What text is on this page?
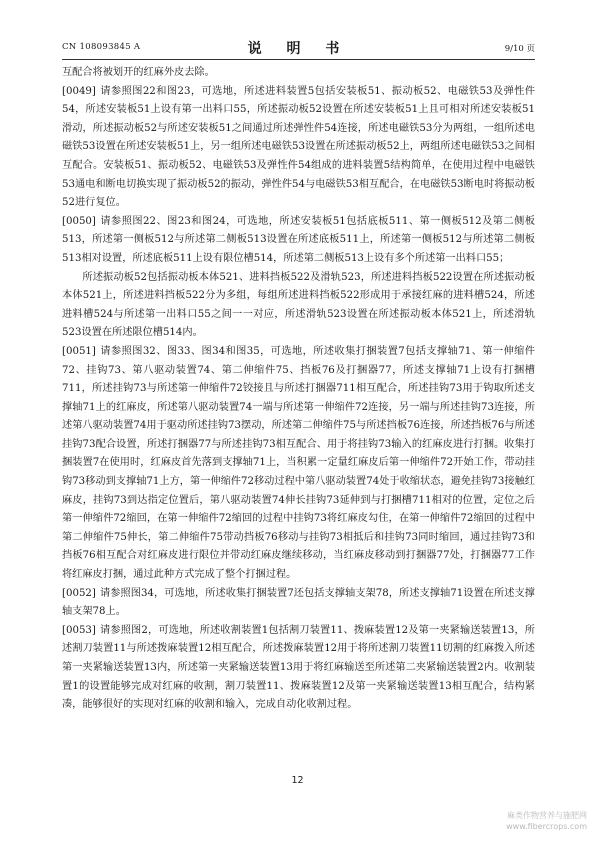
CN 108093845 A	说 明 书	9/10 页

互配合将被划开的红麻外皮去除。

[0049] 请参照图22和图23，可选地，所述进料装置5包括安装板51、振动板52、电磁铁53及弹性件54，所述安装板51上设有第一出料口55，所述振动板52设置在所述安装板51上且可相对所述安装板51滑动，所述振动板52与所述安装板51之间通过所述弹性件54连接，所述电磁铁53分为两组，一组所述电磁铁53设置在所述安装板51上，另一组所述电磁铁53设置在所述振动板52上，两组所述电磁铁53之间相互配合。安装板51、振动板52、电磁铁53及弹性件54组成的进料装置5结构简单，在使用过程中电磁铁53通电和断电切换实现了振动板52的振动，弹性件54与电磁铁53相互配合，在电磁铁53断电时将振动板52进行复位。

[0050] 请参照图22、图23和图24，可选地，所述安装板51包括底板511、第一侧板512及第二侧板513，所述第一侧板512与所述第二侧板513设置在所述底板511上，所述第一侧板512与所述第二侧板513相对设置，所述底板511上设有限位槽514，所述第二侧板513上设有多个所述第一出料口55；

所述振动板52包括振动板本体521、进料挡板522及滑轨523，所述进料挡板522设置在所述振动板本体521上，所述进料挡板522分为多组，每组所述进料挡板522形成用于承接红麻的进料槽524，所述进料槽524与所述第一出料口55之间一一对应，所述滑轨523设置在所述振动板本体521上，所述滑轨523设置在所述限位槽514内。

[0051] 请参照图32、图33、图34和图35，可选地，所述收集打捆装置7包括支撑轴71、第一伸缩件72、挂钩73、第八驱动装置74、第二伸缩件75、挡板76及打捆器77，所述支撑轴71上设有打捆槽711，所述挂钩73与所述第一伸缩件72铰接且与所述打捆器711相互配合，所述挂钩73用于钩取所述支撑轴71上的红麻皮，所述第八驱动装置74一端与所述第一伸缩件72连接，另一端与所述挂钩73连接，所述第八驱动装置74用于驱动所述挂钩73摆动，所述第二伸缩件75与所述挡板76连接，所述挡板76与所述挂钩73配合设置，所述打捆器77与所述挂钩73相互配合、用于将挂钩73输入的红麻皮进行打捆。收集打捆装置7在使用时，红麻皮首先落到支撑轴71上，当积累一定量红麻皮后第一伸缩件72开始工作，带动挂钩73移动到支撑轴71上方，第一伸缩件72移动过程中第八驱动装置74处于收缩状态，避免挂钩73接触红麻皮，挂钩73到达指定位置后，第八驱动装置74伸长挂钩73延伸到与打捆槽711相对的位置，定位之后第一伸缩件72缩回，在第一伸缩件72缩回的过程中挂钩73将红麻皮勾住，在第一伸缩件72缩回的过程中第二伸缩件75伸长，第二伸缩件75带动挡板76移动与挂钩73相抵后和挂钩73同时缩回，通过挂钩73和挡板76相互配合对红麻皮进行限位并带动红麻皮继续移动，当红麻皮移动到打捆器77处，打捆器77工作将红麻皮打捆，通过此种方式完成了整个打捆过程。

[0052] 请参照图34，可选地，所述收集打捆装置7还包括支撑轴支架78，所述支撑轴71设置在所述支撑轴支架78上。

[0053] 请参照图2，可选地，所述收割装置1包括割刀装置11、拨麻装置12及第一夹紧输送装置13，所述割刀装置11与所述拨麻装置12相互配合，所述拨麻装置12用于将所述割刀装置11切割的红麻拨入所述第一夹紧输送装置13内，所述第一夹紧输送装置13用于将红麻输送至所述第二夹紧输送装置2内。收割装置1的设置能够完成对红麻的收割，割刀装置11、拨麻装置12及第一夹紧输送装置13相互配合，结构紧凑，能够很好的实现对红麻的收割和输入，完成自动化收割过程。

12
麻类作物营养与施肥网
www.fibercrops.com
